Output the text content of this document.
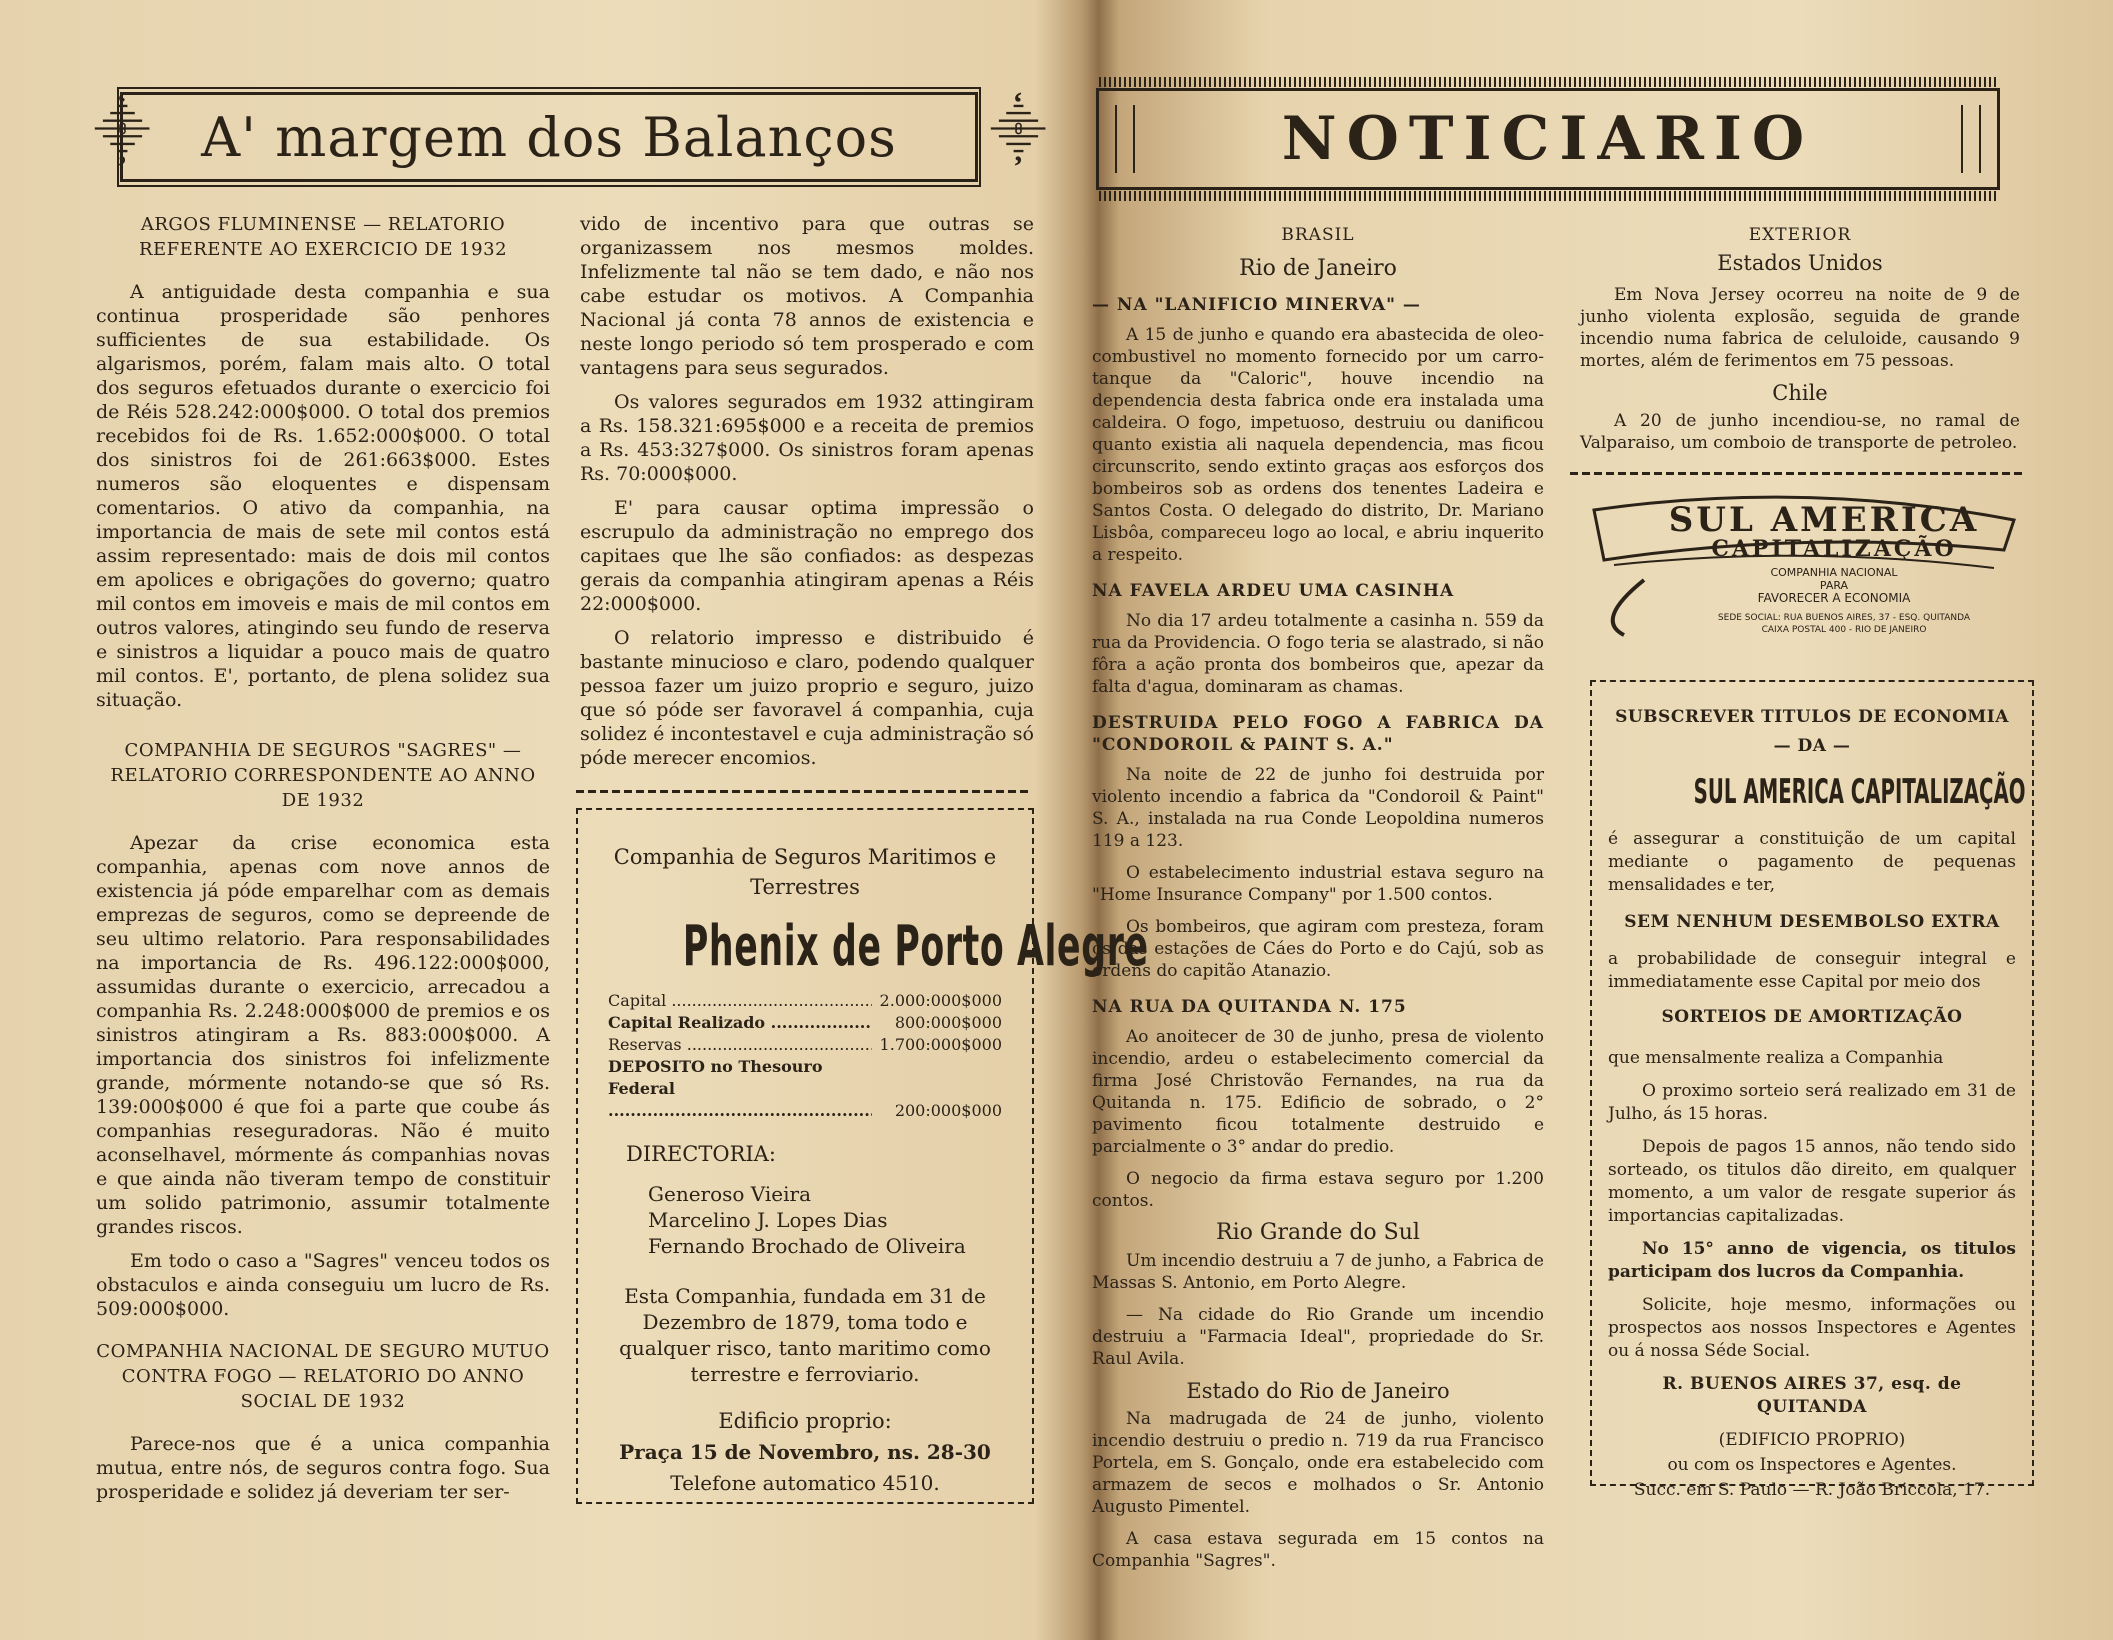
⸎	⸎
A' margem dos Balanços

ARGOS FLUMINENSE — RELATORIO REFERENTE AO EXERCICIO DE 1932

A antiguidade desta companhia e sua continua prosperidade são penhores sufficientes de sua estabilidade. Os algarismos, porém, falam mais alto. O total dos seguros efetuados durante o exercicio foi de Réis 528.242:000$000. O total dos premios recebidos foi de Rs. 1.652:000$000. O total dos sinistros foi de 261:663$000. Estes numeros são eloquentes e dispensam comentarios. O ativo da companhia, na importancia de mais de sete mil contos está assim representado: mais de dois mil contos em apolices e obrigações do governo; quatro mil contos em imoveis e mais de mil contos em outros valores, atingindo seu fundo de reserva e sinistros a liquidar a pouco mais de quatro mil contos. E', portanto, de plena solidez sua situação.

COMPANHIA DE SEGUROS "SAGRES" — RELATORIO CORRESPONDENTE AO ANNO DE 1932

Apezar da crise economica esta companhia, apenas com nove annos de existencia já póde emparelhar com as demais emprezas de seguros, como se depreende de seu ultimo relatorio. Para responsabilidades na importancia de Rs. 496.122:000$000, assumidas durante o exercicio, arrecadou a companhia Rs. 2.248:000$000 de premios e os sinistros atingiram a Rs. 883:000$000. A importancia dos sinistros foi infelizmente grande, mórmente notando-se que só Rs. 139:000$000 é que foi a parte que coube ás companhias reseguradoras. Não é muito aconselhavel, mórmente ás companhias novas e que ainda não tiveram tempo de constituir um solido patrimonio, assumir totalmente grandes riscos.

Em todo o caso a "Sagres" venceu todos os obstaculos e ainda conseguiu um lucro de Rs. 509:000$000.

COMPANHIA NACIONAL DE SEGURO MUTUO CONTRA FOGO — RELATORIO DO ANNO SOCIAL DE 1932

Parece-nos que é a unica companhia mutua, entre nós, de seguros contra fogo. Sua prosperidade e solidez já deveriam ter ser-

vido de incentivo para que outras se organizassem nos mesmos moldes. Infelizmente tal não se tem dado, e não nos cabe estudar os motivos. A Companhia Nacional já conta 78 annos de existencia e neste longo periodo só tem prosperado e com vantagens para seus segurados.

Os valores segurados em 1932 attingiram a Rs. 158.321:695$000 e a receita de premios a Rs. 453:327$000. Os sinistros foram apenas Rs. 70:000$000.

E' para causar optima impressão o escrupulo da administração no emprego dos capitaes que lhe são confiados: as despezas gerais da companhia atingiram apenas a Réis 22:000$000.

O relatorio impresso e distribuido é bastante minucioso e claro, podendo qualquer pessoa fazer um juizo proprio e seguro, juizo que só póde ser favoravel á companhia, cuja solidez é incontestavel e cuja administração só póde merecer encomios.

Companhia de Seguros Maritimos e Terrestres

Phenix de Porto Alegre
Capital .....	2.000:000$000
Capital Realizado .....	800:000$000
Reservas .....	1.700:000$000
DEPOSITO no Thesouro Federal .....
200:000$000

DIRECTORIA:

Generoso Vieira

Marcelino J. Lopes Dias

Fernando Brochado de Oliveira

Esta Companhia, fundada em 31 de Dezembro de 1879, toma todo e qualquer risco, tanto maritimo como terrestre e ferroviario.

Edificio proprio:

Praça 15 de Novembro, ns. 28-30

Telefone automatico 4510.

NOTICIARIO

BRASIL

Rio de Janeiro

— NA "LANIFICIO MINERVA" —

A 15 de junho e quando era abastecida de oleo-combustivel no momento fornecido por um carro-tanque da "Caloric", houve incendio na dependencia desta fabrica onde era instalada uma caldeira. O fogo, impetuoso, destruiu ou danificou quanto existia ali naquela dependencia, mas ficou circunscrito, sendo extinto graças aos esforços dos bombeiros sob as ordens dos tenentes Ladeira e Santos Costa. O delegado do distrito, Dr. Mariano Lisbôa, compareceu logo ao local, e abriu inquerito a respeito.

NA FAVELA ARDEU UMA CASINHA

No dia 17 ardeu totalmente a casinha n. 559 da rua da Providencia. O fogo teria se alastrado, si não fôra a ação pronta dos bombeiros que, apezar da falta d'agua, dominaram as chamas.

DESTRUIDA PELO FOGO A FABRICA DA "CONDOROIL & PAINT S. A."

Na noite de 22 de junho foi destruida por violento incendio a fabrica da "Condoroil & Paint" S. A., instalada na rua Conde Leopoldina numeros 119 a 123.

O estabelecimento industrial estava seguro na "Home Insurance Company" por 1.500 contos.

Os bombeiros, que agiram com presteza, foram os das estações de Cáes do Porto e do Cajú, sob as ordens do capitão Atanazio.

NA RUA DA QUITANDA N. 175

Ao anoitecer de 30 de junho, presa de violento incendio, ardeu o estabelecimento comercial da firma José Christovão Fernandes, na rua da Quitanda n. 175. Edificio de sobrado, o 2° pavimento ficou totalmente destruido e parcialmente o 3° andar do predio.

O negocio da firma estava seguro por 1.200 contos.

Rio Grande do Sul

Um incendio destruiu a 7 de junho, a Fabrica de Massas S. Antonio, em Porto Alegre.

— Na cidade do Rio Grande um incendio destruiu a "Farmacia Ideal", propriedade do Sr. Raul Avila.

Estado do Rio de Janeiro

Na madrugada de 24 de junho, violento incendio destruiu o predio n. 719 da rua Francisco Portela, em S. Gonçalo, onde era estabelecido com armazem de secos e molhados o Sr. Antonio Augusto Pimentel.

A casa estava segurada em 15 contos na Companhia "Sagres".

EXTERIOR

Estados Unidos

Em Nova Jersey ocorreu na noite de 9 de junho violenta explosão, seguida de grande incendio numa fabrica de celuloide, causando 9 mortes, além de ferimentos em 75 pessoas.

Chile

A 20 de junho incendiou-se, no ramal de Valparaiso, um comboio de transporte de petroleo.

SUL AMERICA
CAPITALIZAÇÃO
COMPANHIA NACIONAL
PARA
FAVORECER A ECONOMIA
SEDE SOCIAL: RUA BUENOS AIRES, 37 - ESQ. QUITANDA
CAIXA POSTAL 400 - RIO DE JANEIRO

SUBSCREVER TITULOS DE ECONOMIA

— DA —

SUL AMERICA CAPITALIZAÇÃO

é assegurar a constituição de um capital mediante o pagamento de pequenas mensalidades e ter,

SEM NENHUM DESEMBOLSO EXTRA

a probabilidade de conseguir integral e immediatamente esse Capital por meio dos

SORTEIOS DE AMORTIZAÇÃO

que mensalmente realiza a Companhia

O proximo sorteio será realizado em 31 de Julho, ás 15 horas.

Depois de pagos 15 annos, não tendo sido sorteado, os titulos dão direito, em qualquer momento, a um valor de resgate superior ás importancias capitalizadas.

No 15° anno de vigencia, os titulos participam dos lucros da Companhia.

Solicite, hoje mesmo, informações ou prospectos aos nossos Inspectores e Agentes ou á nossa Séde Social.

R. BUENOS AIRES 37, esq. de QUITANDA

(EDIFICIO PROPRIO)

ou com os Inspectores e Agentes.

Succ. em S. Paulo — R. João Briccola, 17.
